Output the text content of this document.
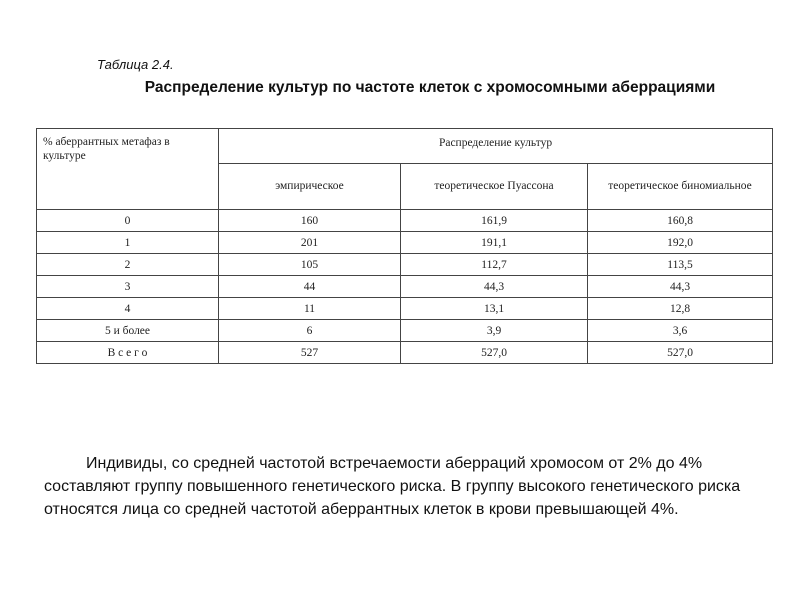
Таблица 2.4.
Распределение культур по частоте клеток с хромосомными аберрациями
% аберрантных метафаз в культуре	Распределение культур		
	эмпирическое	теоретическое Пуассона	теоретическое биномиальное
0	160	161,9	160,8
1	201	191,1	192,0
2	105	112,7	113,5
3	44	44,3	44,3
4	11	13,1	12,8
5 и более	6	3,9	3,6
В с е г о	527	527,0	527,0
Индивиды, со средней частотой встречаемости аберраций хромосом от 2% до 4% составляют группу повышенного генетического риска. В группу высокого генетического риска относятся лица со средней частотой аберрантных клеток в крови превышающей 4%.
